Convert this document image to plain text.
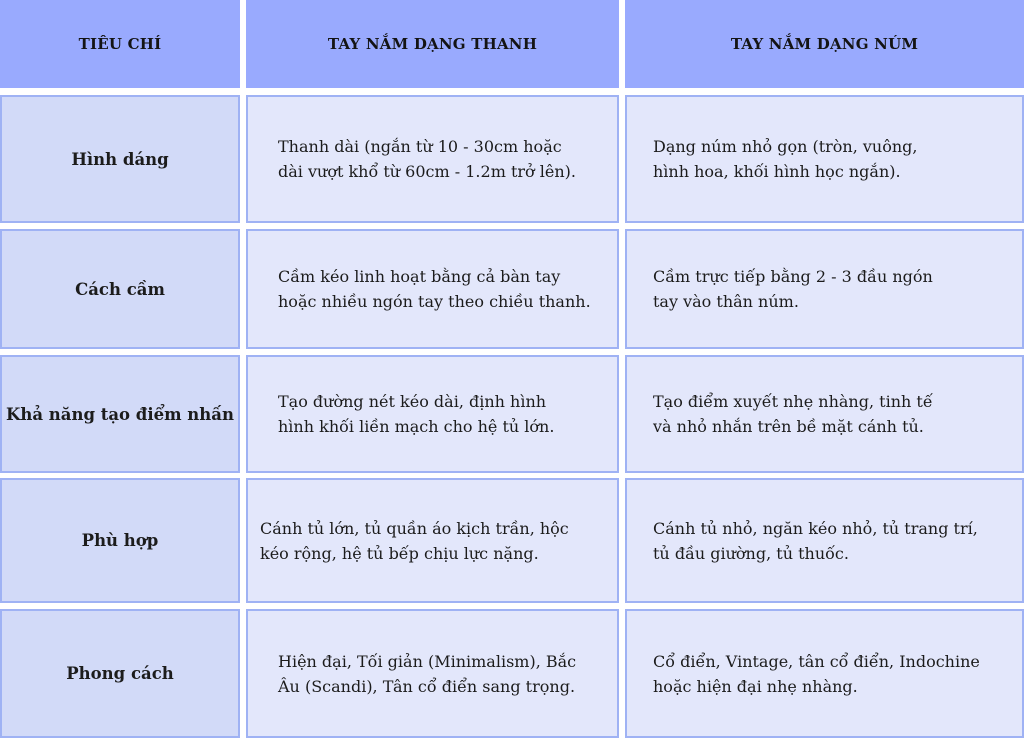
TIÊU CHÍ	TAY NẮM DẠNG THANH	TAY NẮM DẠNG NÚM
Hình dáng
Thanh dài (ngắn từ 10 - 30cm hoặc
dài vượt khổ từ 60cm - 1.2m trở lên).
Dạng núm nhỏ gọn (tròn, vuông,
hình hoa, khối hình học ngắn).
Cách cầm
Cầm kéo linh hoạt bằng cả bàn tay
hoặc nhiều ngón tay theo chiều thanh.
Cầm trực tiếp bằng 2 - 3 đầu ngón
tay vào thân núm.
Khả năng tạo điểm nhấn
Tạo đường nét kéo dài, định hình
hình khối liền mạch cho hệ tủ lớn.
Tạo điểm xuyết nhẹ nhàng, tinh tế
và nhỏ nhắn trên bề mặt cánh tủ.
Phù hợp
Cánh tủ lớn, tủ quần áo kịch trần, hộc
kéo rộng, hệ tủ bếp chịu lực nặng.
Cánh tủ nhỏ, ngăn kéo nhỏ, tủ trang trí,
tủ đầu giường, tủ thuốc.
Phong cách
Hiện đại, Tối giản (Minimalism), Bắc
Âu (Scandi), Tân cổ điển sang trọng.
Cổ điển, Vintage, tân cổ điển, Indochine
hoặc hiện đại nhẹ nhàng.
